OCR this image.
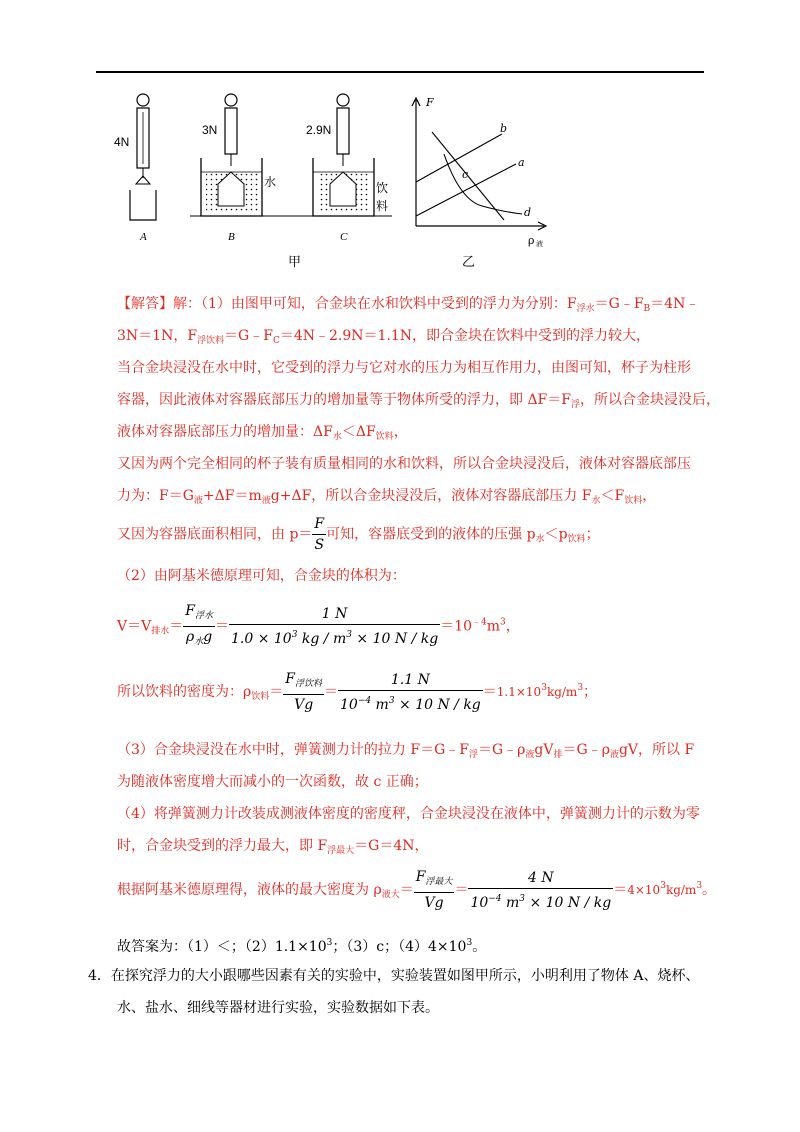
4N
A
3N
水
B
2.9N
饮
料
C
甲
F
ρ 液
b
a
c
d
乙
【解答】解：（1）由图甲可知，合金块在水和饮料中受到的浮力为分别：$F_{浮水}=G﹣F_B=4N﹣$
3N＝1N，$F_{浮饮料}=G﹣F_C=4N﹣2.9N=1.1N$，即合金块在饮料中受到的浮力较大，
当合金块浸没在水中时，它受到的浮力与它对水的压力为相互作用力，由图可知，杯子为柱形
容器，因此液体对容器底部压力的增加量等于物体所受的浮力，即 $\Delta F=F_浮$，所以合金块浸没后，
液体对容器底部压力的增加量：$\Delta F_水<\Delta F_{饮料}$，
又因为两个完全相同的杯子装有质量相同的水和饮料，所以合金块浸没后，液体对容器底部压
力为：$F=G_液+\Delta F=m_液g+\Delta F$，所以合金块浸没后，液体对容器底部压力 $F_水<F_{饮料}$，
又因为容器底面积相同，由 $p= \frac{F}{S}$ 可知，容器底受到的液体的压强 $p_水<p_{饮料}$；
（2）由阿基米德原理可知，合金块的体积为：
$V=V_{排水}= \frac{F_{浮水}}{\rho_水g} = \frac{1 N}{1.0 \times 10^3 kg / m^3 \times 10 N / kg} =10^{﹣4}m^3$，
所以饮料的密度为：$\rho_{饮料}= \frac{F_{浮饮料}}{Vg} = \frac{1.1 N}{10^{-4} m^3 \times 10 N / kg} =1.1\times 10^3kg/m^3$；
（3）合金块浸没在水中时，弹簧测力计的拉力 $F=G﹣F_浮=G﹣\rho_液gV_排=G﹣\rho_液gV$，所以 F
为随液体密度增大而减小的一次函数，故 c 正确；
（4）将弹簧测力计改装成测液体密度的密度秤，合金块浸没在液体中，弹簧测力计的示数为零
时，合金块受到的浮力最大，即 $F_{浮最大}=G=4N$，
根据阿基米德原理得，液体的最大密度为 $\rho_{液大}= \frac{F_{浮最大}}{Vg} = \frac{4 N}{10^{-4} m^3 \times 10 N / kg} =4\times 10^3kg/m^3$。
故答案为：（1）＜；$(2)1.1\times 10^3$；（3）c；$(4)4\times 10^3$。
4．在探究浮力的大小跟哪些因素有关的实验中，实验装置如图甲所示，小明利用了物体 A、烧杯、
水、盐水、细线等器材进行实验，实验数据如下表。
